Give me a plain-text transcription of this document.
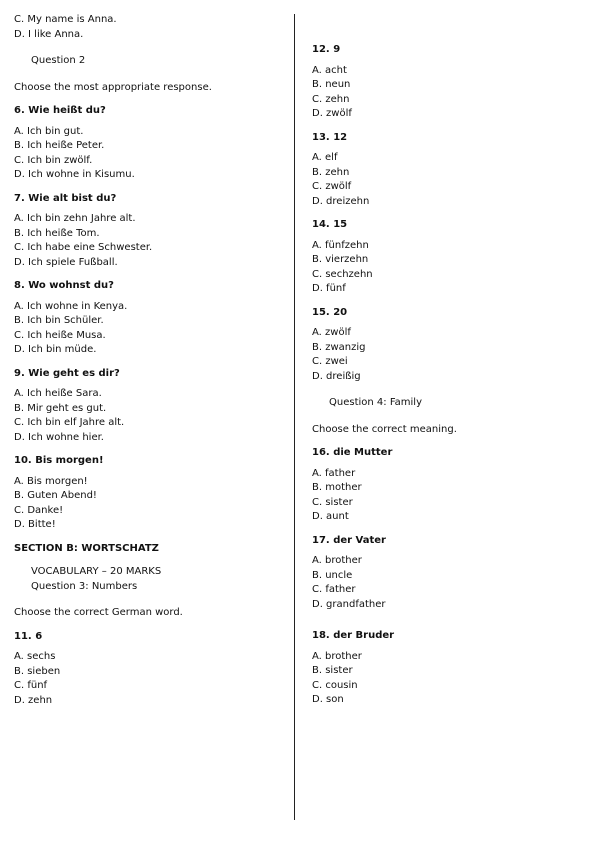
C. My name is Anna.
D. I like Anna.
Question 2
Choose the most appropriate response.
6. Wie heißt du?
A. Ich bin gut.
B. Ich heiße Peter.
C. Ich bin zwölf.
D. Ich wohne in Kisumu.
7. Wie alt bist du?
A. Ich bin zehn Jahre alt.
B. Ich heiße Tom.
C. Ich habe eine Schwester.
D. Ich spiele Fußball.
8. Wo wohnst du?
A. Ich wohne in Kenya.
B. Ich bin Schüler.
C. Ich heiße Musa.
D. Ich bin müde.
9. Wie geht es dir?
A. Ich heiße Sara.
B. Mir geht es gut.
C. Ich bin elf Jahre alt.
D. Ich wohne hier.
10. Bis morgen!
A. Bis morgen!
B. Guten Abend!
C. Danke!
D. Bitte!
SECTION B: WORTSCHATZ
VOCABULARY – 20 MARKS
Question 3: Numbers
Choose the correct German word.
11. 6
A. sechs
B. sieben
C. fünf
D. zehn
12. 9
A. acht
B. neun
C. zehn
D. zwölf
13. 12
A. elf
B. zehn
C. zwölf
D. dreizehn
14. 15
A. fünfzehn
B. vierzehn
C. sechzehn
D. fünf
15. 20
A. zwölf
B. zwanzig
C. zwei
D. dreißig
Question 4: Family
Choose the correct meaning.
16. die Mutter
A. father
B. mother
C. sister
D. aunt
17. der Vater
A. brother
B. uncle
C. father
D. grandfather
18. der Bruder
A. brother
B. sister
C. cousin
D. son
